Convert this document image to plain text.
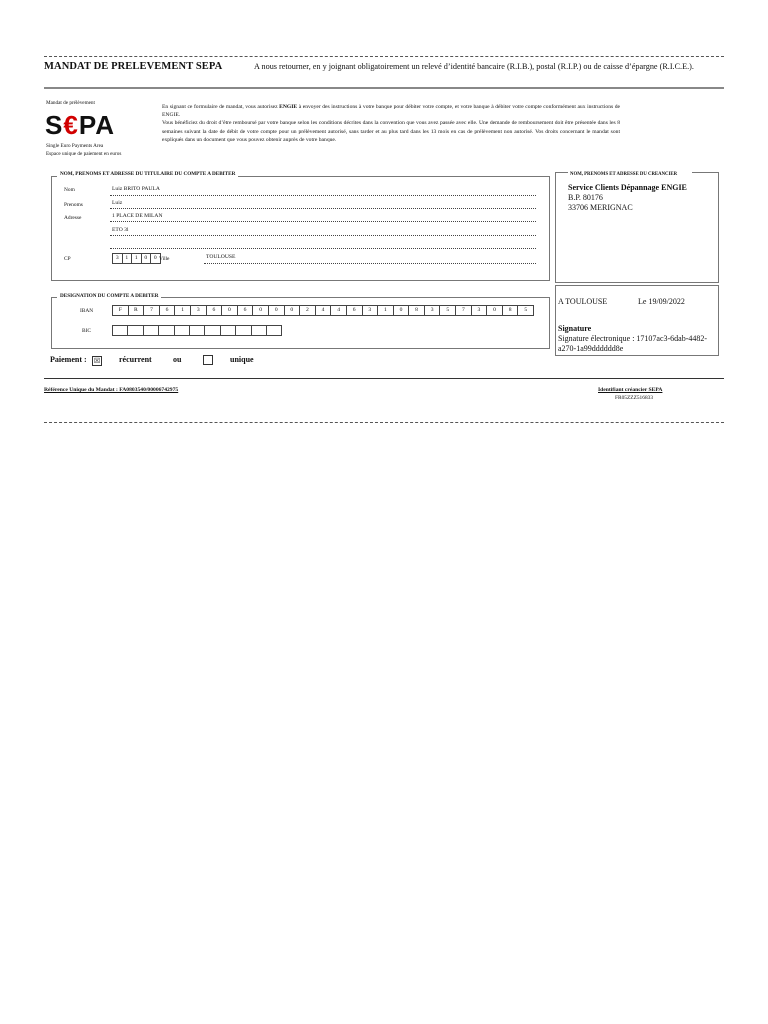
MANDAT DE PRELEVEMENT SEPA	A nous retourner, en y joignant obligatoirement un relevé d’identité bancaire (R.I.B.), postal (R.I.P.) ou de caisse d’épargne (R.I.C.E.).
Mandat de prélèvement
S€PA
Single Euro Payments Area
Espace unique de paiement en euros
En signant ce formulaire de mandat, vous autorisez ENGIE à envoyer des instructions à votre banque pour débiter votre compte, et votre banque à débiter votre compte conformément aux instructions de ENGIE.
Vous bénéficiez du droit d’être remboursé par votre banque selon les conditions décrites dans la convention que vous avez passée avec elle. Une demande de remboursement doit être présentée dans les 8 semaines suivant la date de débit de votre compte pour un prélèvement autorisé, sans tarder et au plus tard dans les 13 mois en cas de prélèvement non autorisé. Vos droits concernant le mandat sont expliqués dans un document que vous pouvez obtenir auprès de votre banque.
NOM, PRENOMS ET ADRESSE DU TITULAIRE DU COMPTE A DEBITER
Nom	Luiz BRITO PAULA
Prenoms	Luiz
Adresse	1 PLACE DE MILAN
ETO 3l
CP	3	1	1	0	0 Ville	TOULOUSE
NOM, PRENOMS ET ADRESSE DU CREANCIER
Service Clients Dépannage ENGIE
B.P. 80176
33706 MERIGNAC
DESIGNATION DU COMPTE A DEBITER
IBAN	F	R	7	6	1	3	6	0	6	0	0	0	2	4	4	6	3	1	0	8	3	5	7	3	0	8	5
BIC
A TOULOUSE	Le 19/09/2022
Signature
Signature électronique : 17107ac3-6dab-4482-a270-1a99dddddd8e
Paiement : ☒ récurrent	ou	unique
Référence Unique du Mandat : FA0803540/00006742975	Identifiant créancier SEPA
FR05ZZZ516833
